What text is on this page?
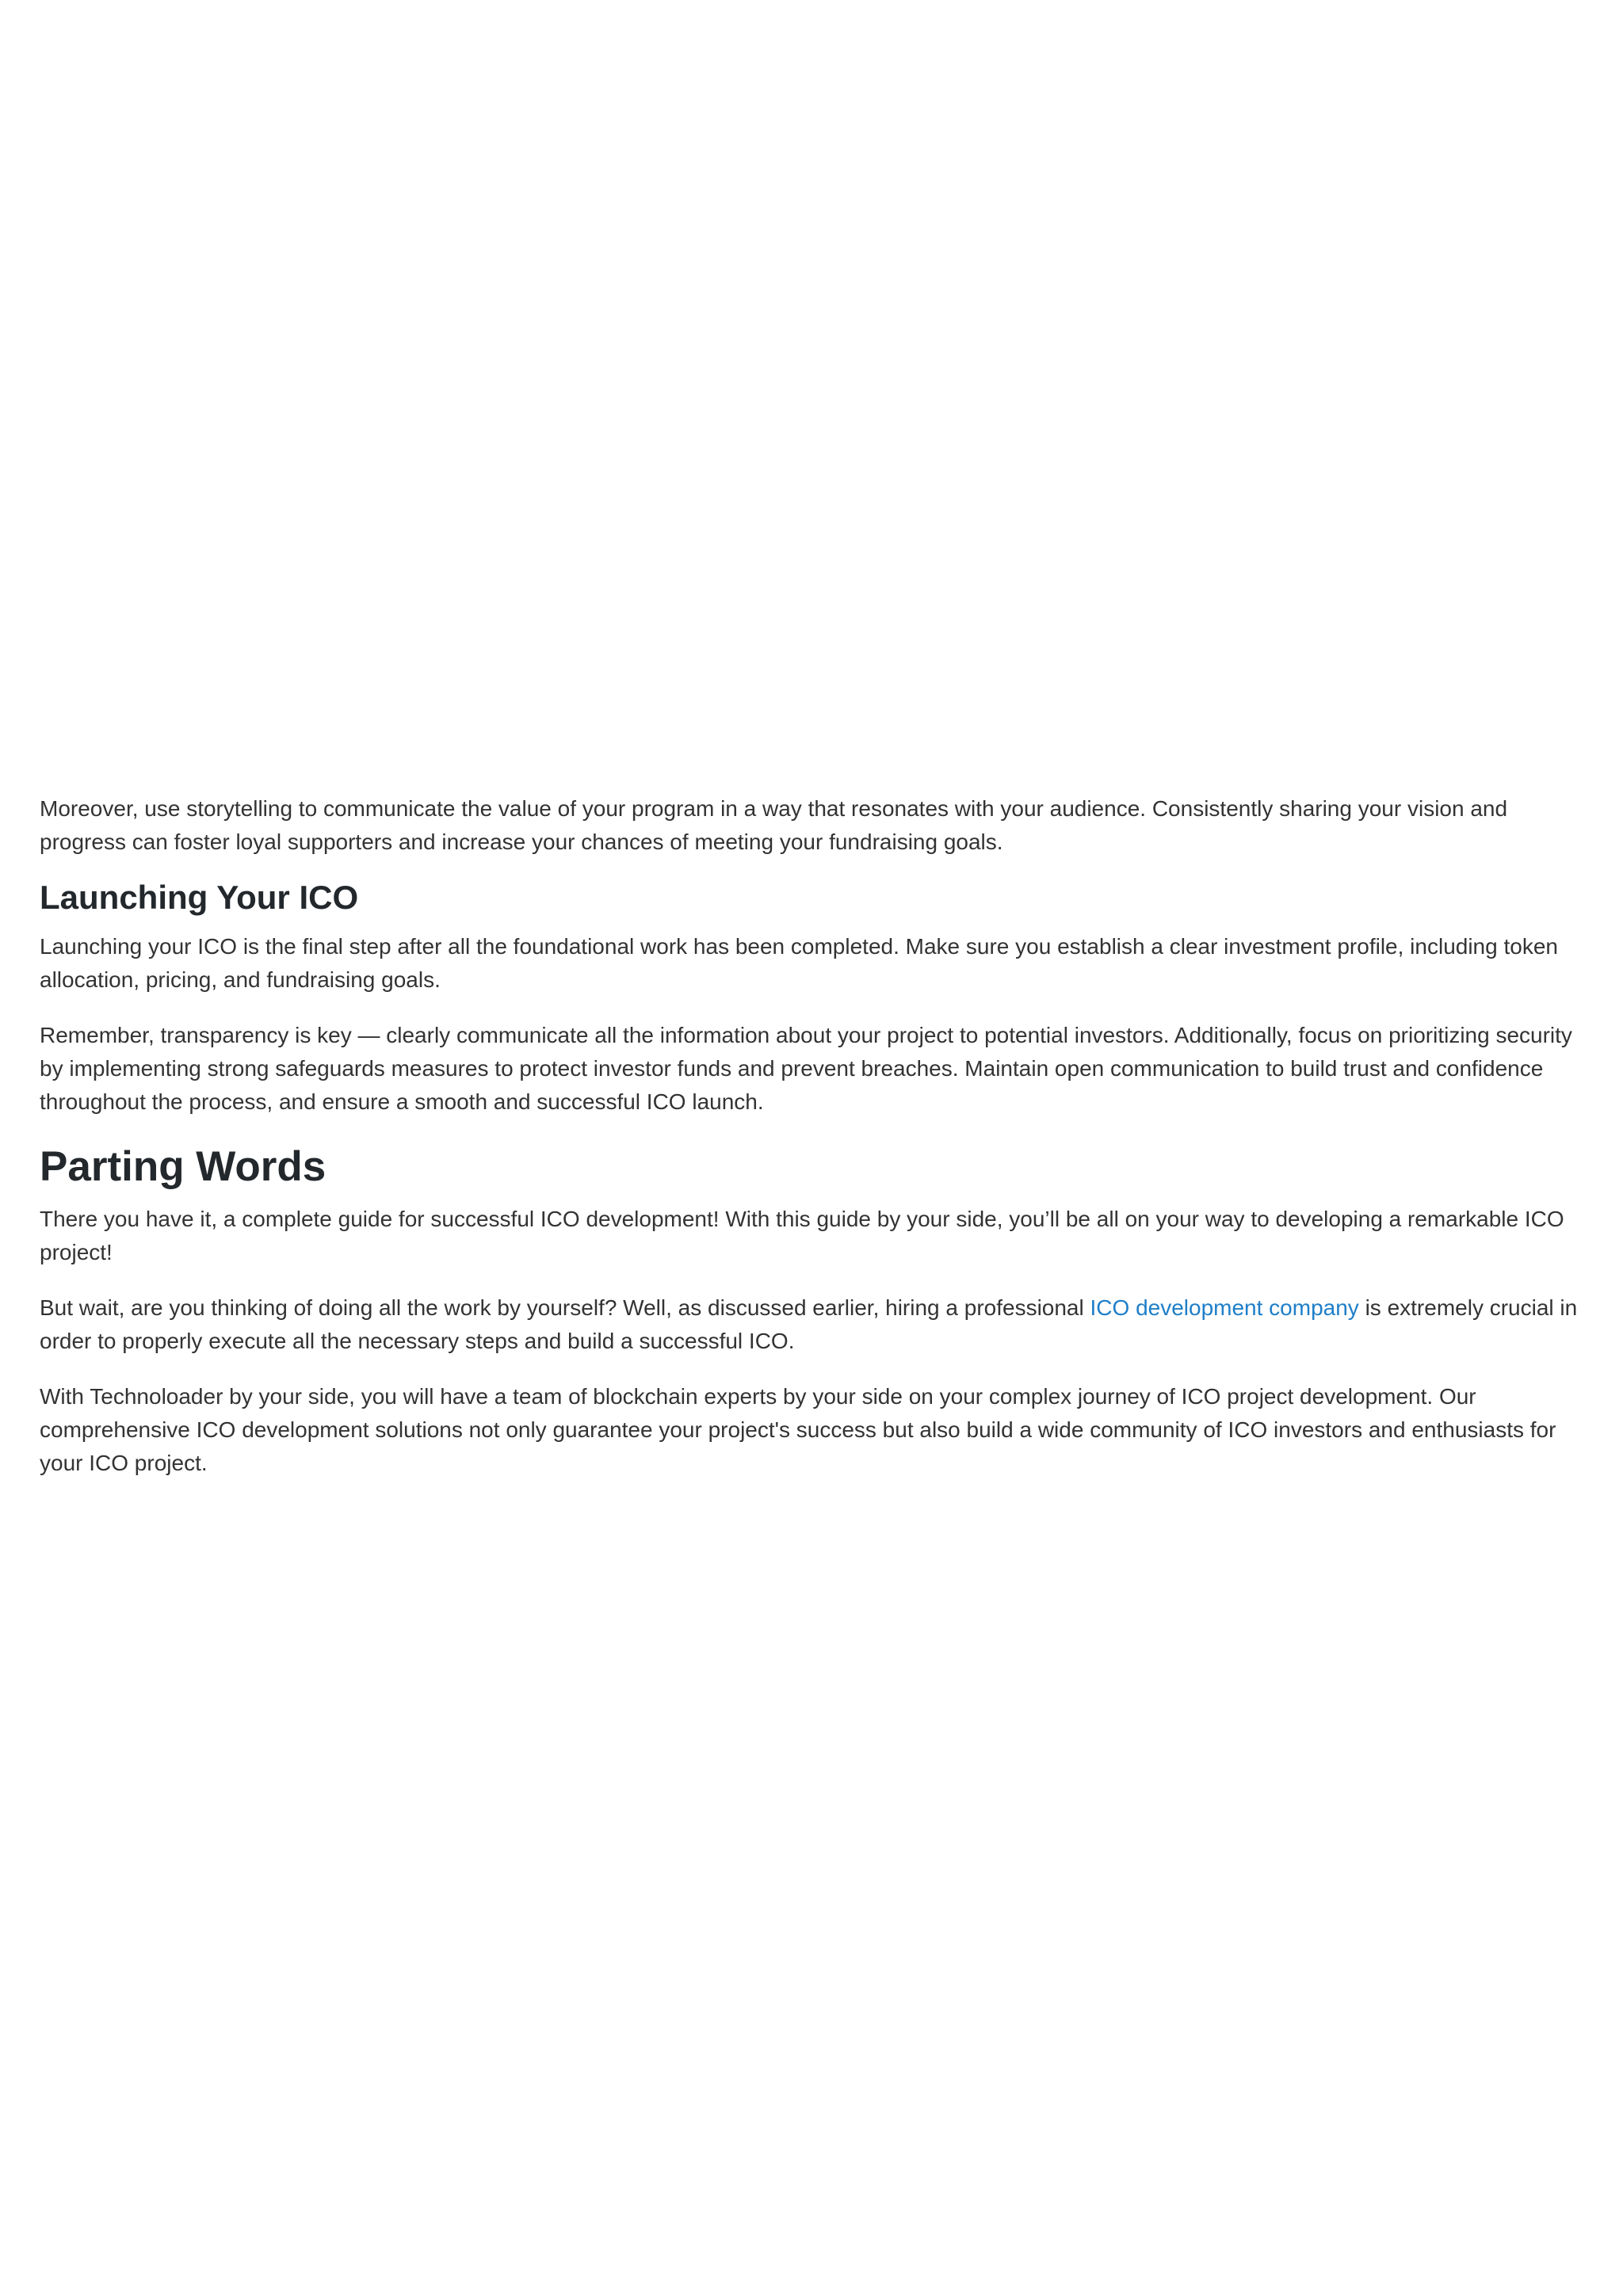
Moreover, use storytelling to communicate the value of your program in a way that resonates with your audience. Consistently sharing your vision and progress can foster loyal supporters and increase your chances of meeting your fundraising goals.

Launching Your ICO

Launching your ICO is the final step after all the foundational work has been completed. Make sure you establish a clear investment profile, including token allocation, pricing, and fundraising goals.

Remember, transparency is key — clearly communicate all the information about your project to potential investors. Additionally, focus on prioritizing security by implementing strong safeguards measures to protect investor funds and prevent breaches. Maintain open communication to build trust and confidence throughout the process, and ensure a smooth and successful ICO launch.

Parting Words

There you have it, a complete guide for successful ICO development! With this guide by your side, you’ll be all on your way to developing a remarkable ICO project!

But wait, are you thinking of doing all the work by yourself? Well, as discussed earlier, hiring a professional ICO development company is extremely crucial in order to properly execute all the necessary steps and build a successful ICO.

With Technoloader by your side, you will have a team of blockchain experts by your side on your complex journey of ICO project development. Our comprehensive ICO development solutions not only guarantee your project's success but also build a wide community of ICO investors and enthusiasts for your ICO project.
